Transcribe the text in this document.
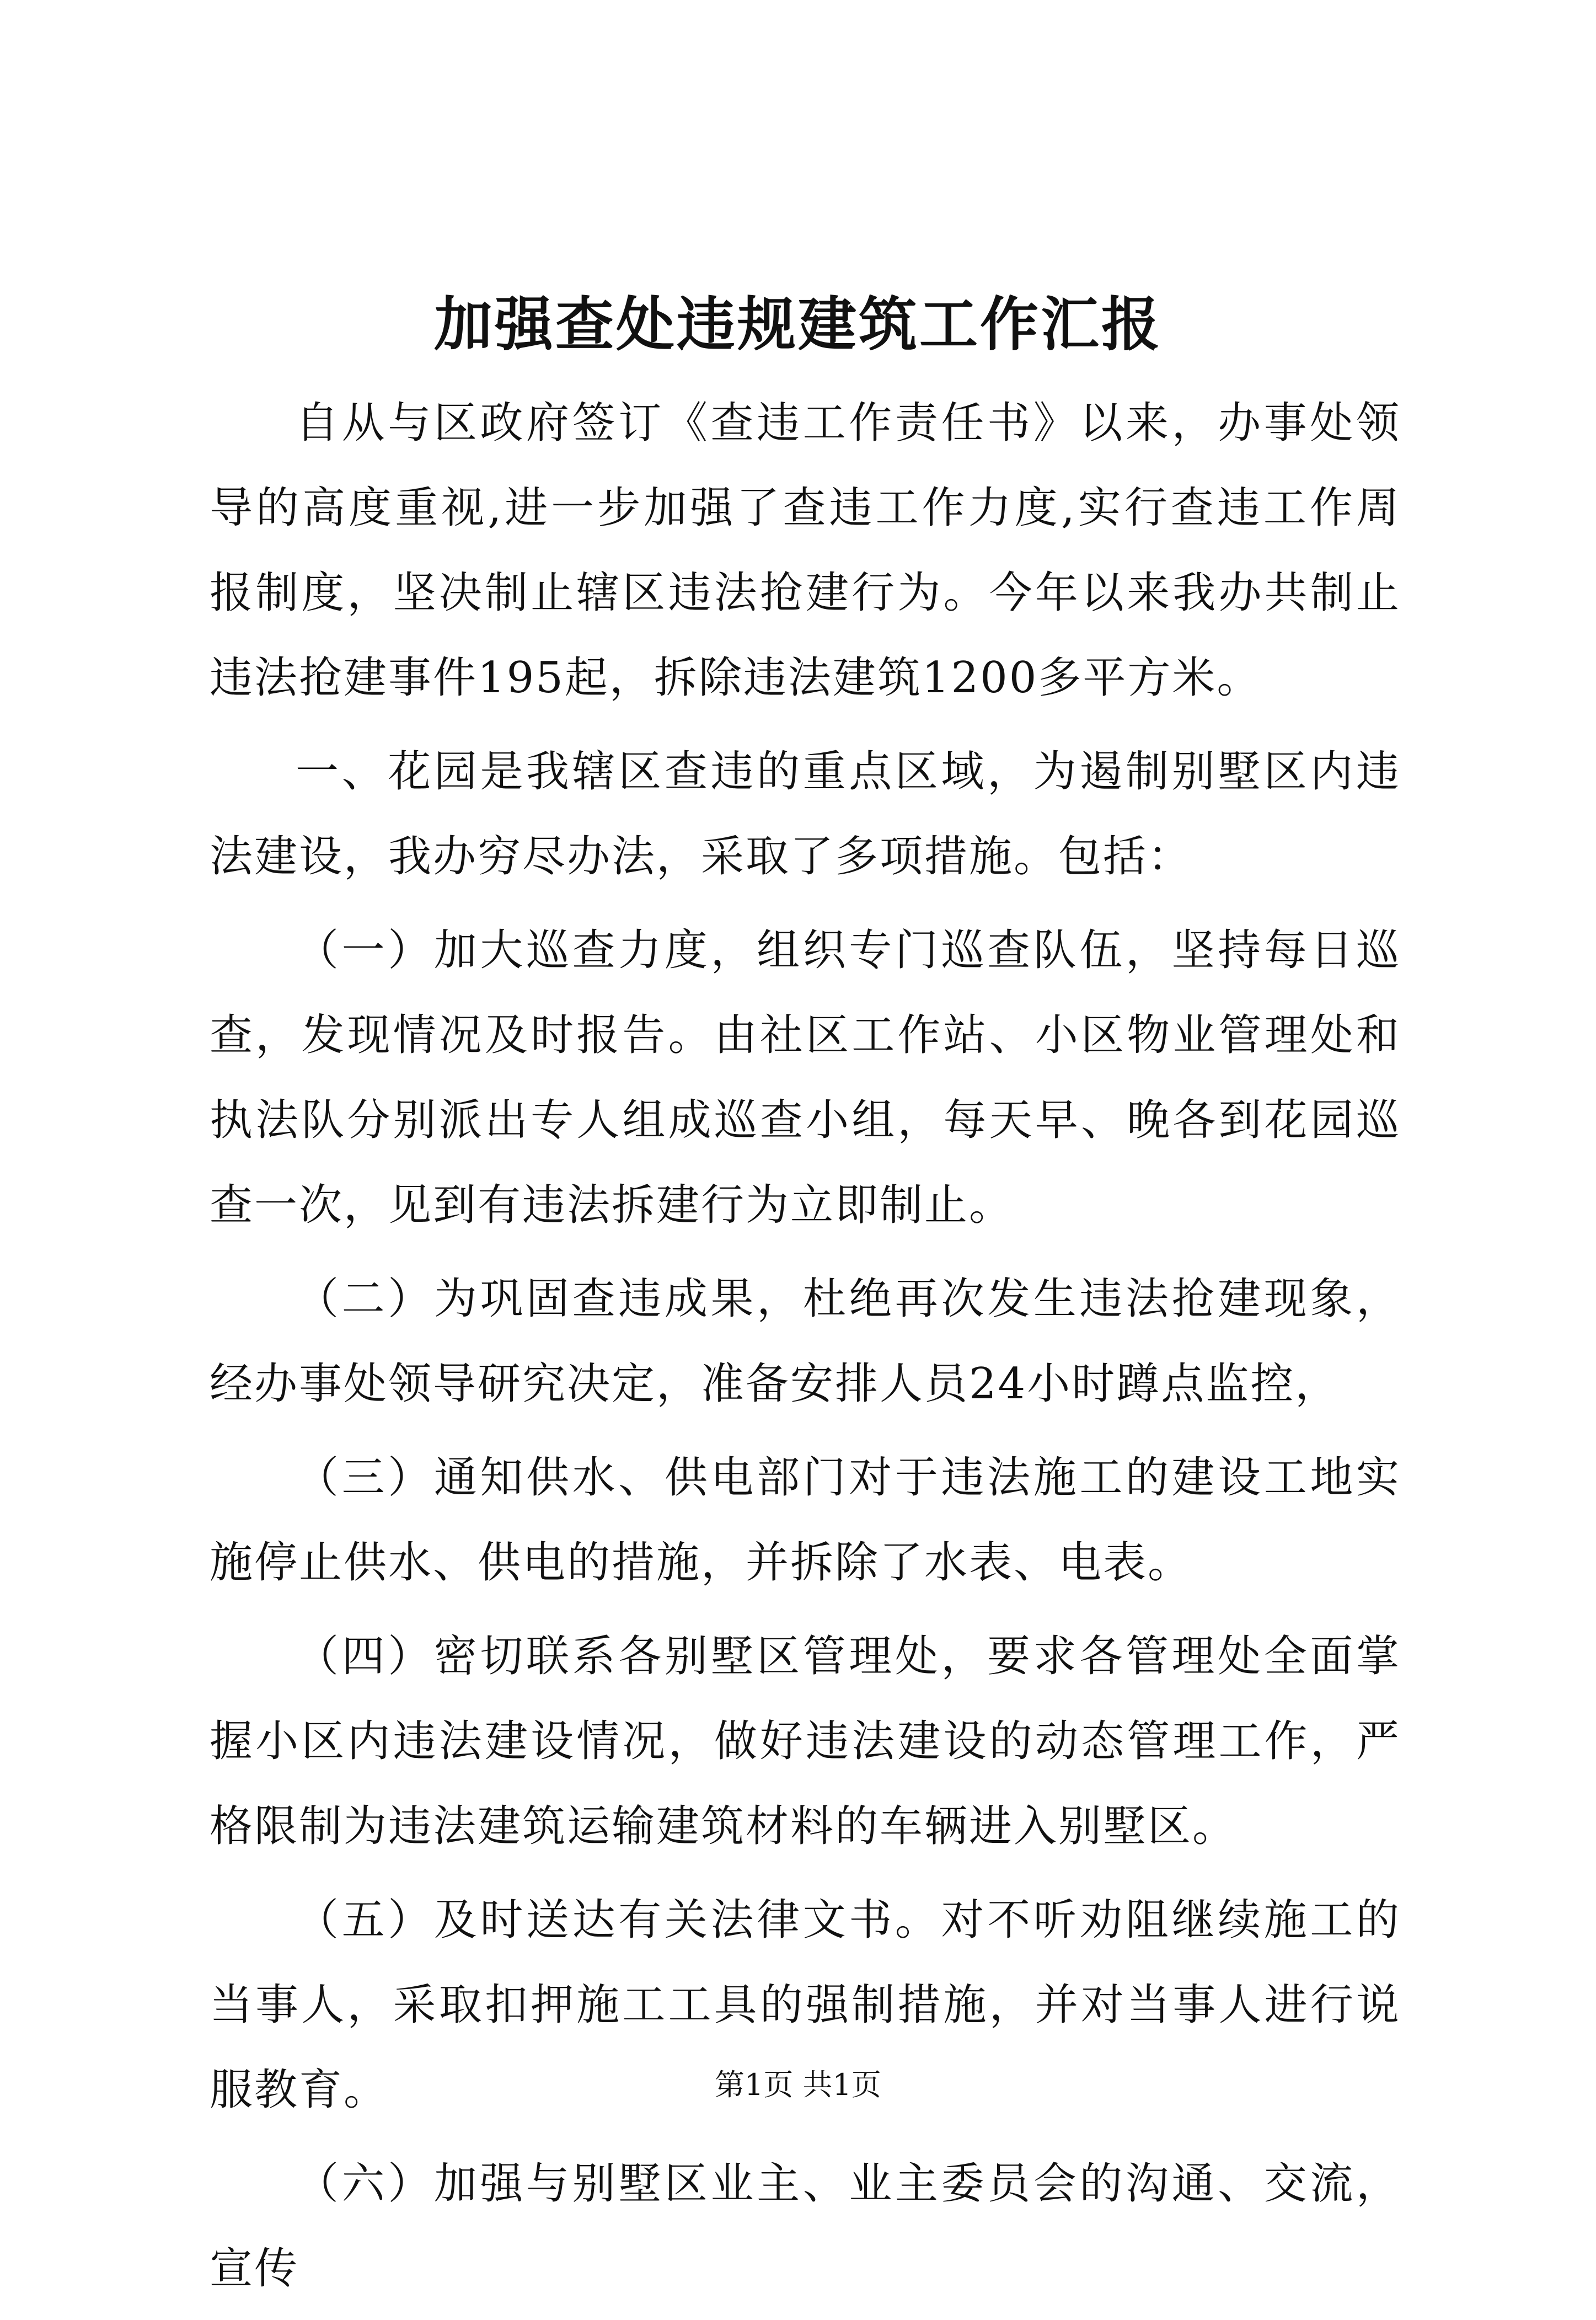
加强查处违规建筑工作汇报

自从与区政府签订《查违工作责任书》以来，办事处领导的高度重视,进一步加强了查违工作力度,实行查违工作周报制度，坚决制止辖区违法抢建行为。今年以来我办共制止违法抢建事件195起，拆除违法建筑1200多平方米。

一、花园是我辖区查违的重点区域，为遏制别墅区内违法建设，我办穷尽办法，采取了多项措施。包括：

（一）加大巡查力度，组织专门巡查队伍，坚持每日巡查，发现情况及时报告。由社区工作站、小区物业管理处和执法队分别派出专人组成巡查小组，每天早、晚各到花园巡查一次，见到有违法拆建行为立即制止。

（二）为巩固查违成果，杜绝再次发生违法抢建现象，经办事处领导研究决定，准备安排人员24小时蹲点监控，

（三）通知供水、供电部门对于违法施工的建设工地实施停止供水、供电的措施，并拆除了水表、电表。

（四）密切联系各别墅区管理处，要求各管理处全面掌握小区内违法建设情况，做好违法建设的动态管理工作，严格限制为违法建筑运输建筑材料的车辆进入别墅区。

（五）及时送达有关法律文书。对不听劝阻继续施工的当事人，采取扣押施工工具的强制措施，并对当事人进行说服教育。

（六）加强与别墅区业主、业主委员会的沟通、交流，宣传

第1页 共1页
